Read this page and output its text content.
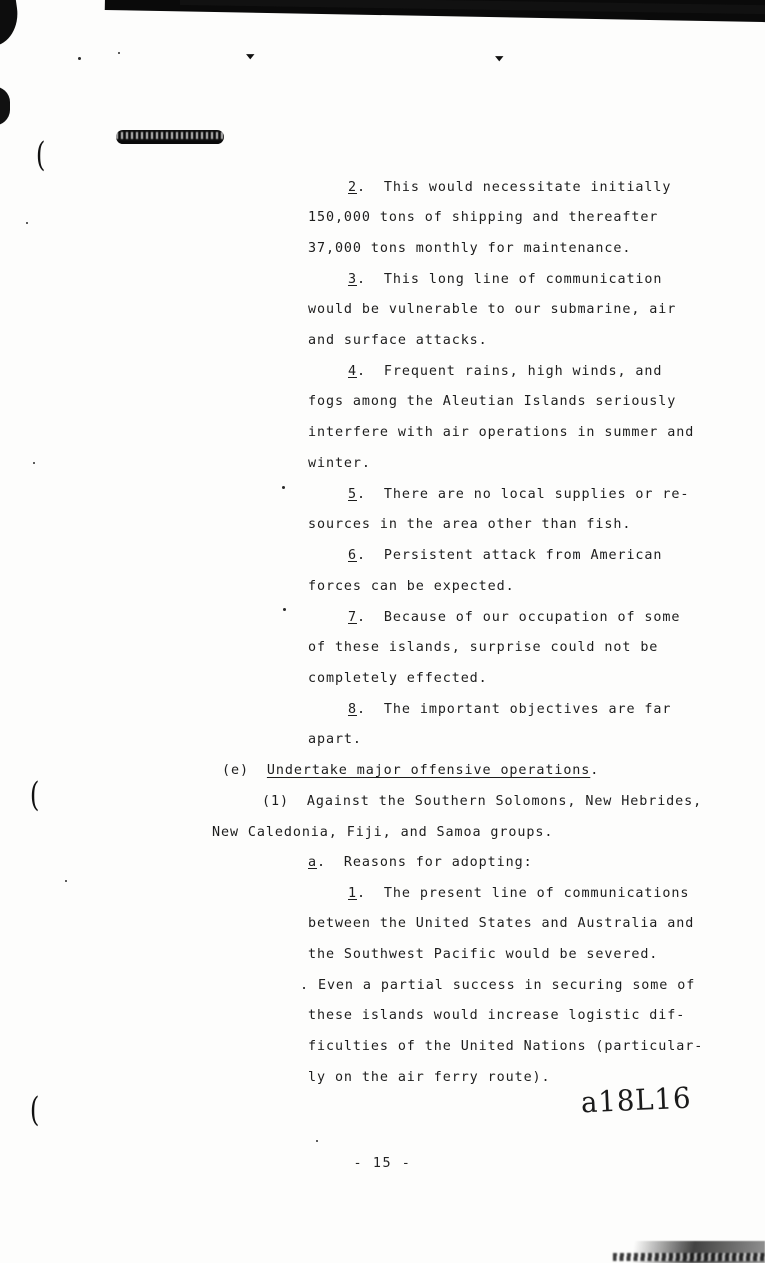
(
(
(
▾	▾
2.  This would necessitate initially
150,000 tons of shipping and thereafter
37,000 tons monthly for maintenance.
3.  This long line of communication
would be vulnerable to our submarine, air
and surface attacks.
4.  Frequent rains, high winds, and
fogs among the Aleutian Islands seriously
interfere with air operations in summer and
winter.
5.  There are no local supplies or re-
sources in the area other than fish.
6.  Persistent attack from American
forces can be expected.
7.  Because of our occupation of some
of these islands, surprise could not be
completely effected.
8.  The important objectives are far
apart.
(e)  Undertake major offensive operations.
(1)  Against the Southern Solomons, New Hebrides,
New Caledonia, Fiji, and Samoa groups.
a.  Reasons for adopting:
1.  The present line of communications
between the United States and Australia and
the Southwest Pacific would be severed.
. Even a partial success in securing some of
these islands would increase logistic dif-
ficulties of the United Nations (particular-
ly on the air ferry route).
a18L16
- 15 -
